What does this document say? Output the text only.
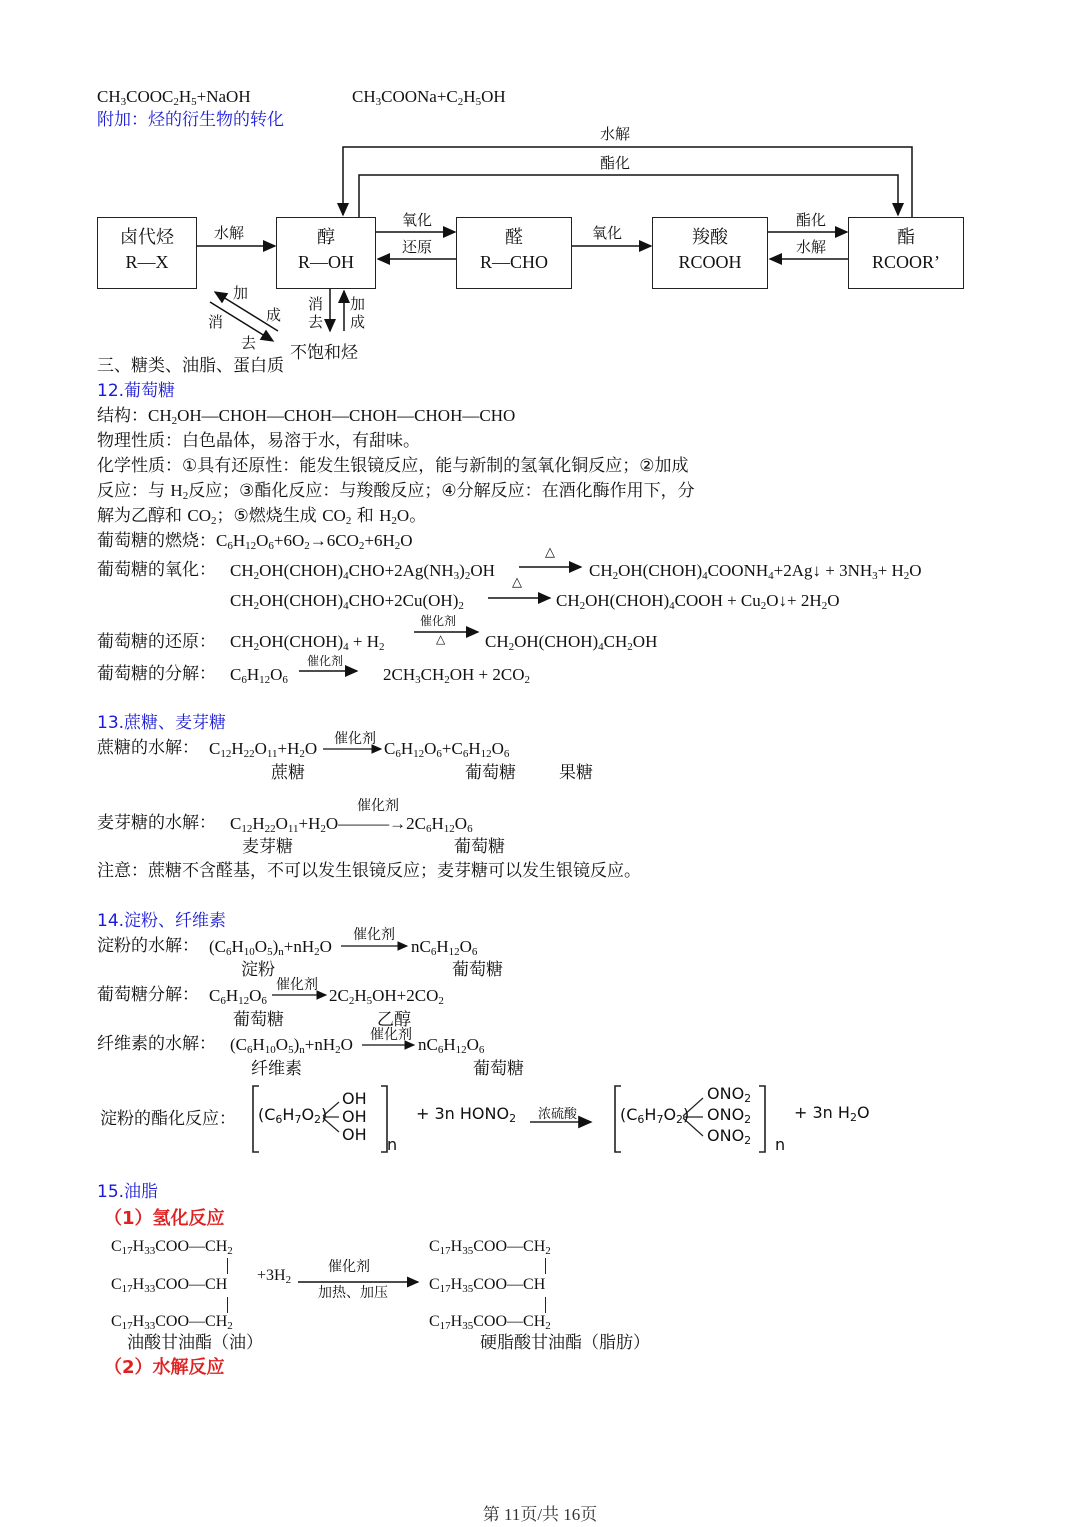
$CH_3COOC_2H_5+NaOH$	$CH_3COONa+C_2H_5OH$
附加：烃的衍生物的转化
水解
酯化
卤代烃
R—X
醇
R—OH
醛
R—CHO
羧酸
RCOOH
酯
RCOOR’
水解
氧化
还原
氧化
酯化
水解
加
成
消
去
消
去
加
成
不饱和烃
三、糖类、油脂、蛋白质
12.葡萄糖
结构：$CH_2OH—CHOH—CHOH—CHOH—CHOH—CHO$
物理性质：白色晶体，易溶于水，有甜味。
化学性质：①具有还原性：能发生银镜反应，能与新制的氢氧化铜反应；②加成
反应：与 $H_2$反应；③酯化反应：与羧酸反应；④分解反应：在酒化酶作用下，分
解为乙醇和 $CO_2$；⑤燃烧生成 $CO_2$ 和 $H_2O$。
葡萄糖的燃烧：$C_6H_{12}O_6+6O_2\to 6CO_2+6H_2O$
葡萄糖的氧化： $CH_2OH(CHOH)_4CHO+2Ag(NH_3)_2OH$
△
$CH_2OH(CHOH)_4COONH_4+2Ag↓ + 3NH_3+ H_2O$
$CH_2OH(CHOH)_4CHO+2Cu(OH)_2$
△
$CH_2OH(CHOH)_4COOH$ + $Cu_2O↓+ 2H_2O$
葡萄糖的还原： $CH_2OH(CHOH)_4 + H_2$
催化剂
△ $CH_2OH(CHOH)_4CH_2OH$
葡萄糖的分解： $C_6H_{12}O_6$
催化剂
$2CH_3CH_2OH + 2CO_2$
13.蔗糖、麦芽糖
蔗糖的水解： $C_{12}H_{22}O_{11}+H_2O$ 催化剂 $C_6H_{12}O_6+C_6H_{12}O_6$
蔗糖	葡萄糖	果糖
催化剂
麦芽糖的水解： $C_{12}H_{22}O_{11}+H_2O———\to 2C_6H_{12}O_6$
麦芽糖	葡萄糖
注意：蔗糖不含醛基，不可以发生银镜反应；麦芽糖可以发生银镜反应。
14.淀粉、纤维素
淀粉的水解： $(C_6H_{10}O_5)_n+nH_2O$
催化剂
$nC_6H_{12}O_6$
淀粉	葡萄糖
葡萄糖分解： $C_6H_{12}O_6$
催化剂
$2C_2H_5OH+2CO_2$
葡萄糖	乙醇
纤维素的水解： $(C_6H_{10}O_5)_n+nH_2O$ 催化剂 $nC_6H_{12}O_6$
纤维素	葡萄糖
淀粉的酯化反应： $(C_6H_7O_2)$
OH
OH
OH
n
+ 3n $HONO_2$ 浓硫酸	$(C_6H_7O_2)$
$ONO_2$
$ONO_2$
$ONO_2$ n
+ 3n $H_2O$
15.油脂
（1）氢化反应
$C_{17}H_{33}COO—CH_2$
$C_{17}H_{33}COO—CH$
$C_{17}H_{33}COO—CH_2$
$+3H_2$
催化剂
加热、加压
$C_{17}H_{35}COO—CH_2$
$C_{17}H_{35}COO—CH$
$C_{17}H_{35}COO—CH_2$
油酸甘油酯（油）	硬脂酸甘油酯（脂肪）
（2）水解反应
第 11页/共 16页
